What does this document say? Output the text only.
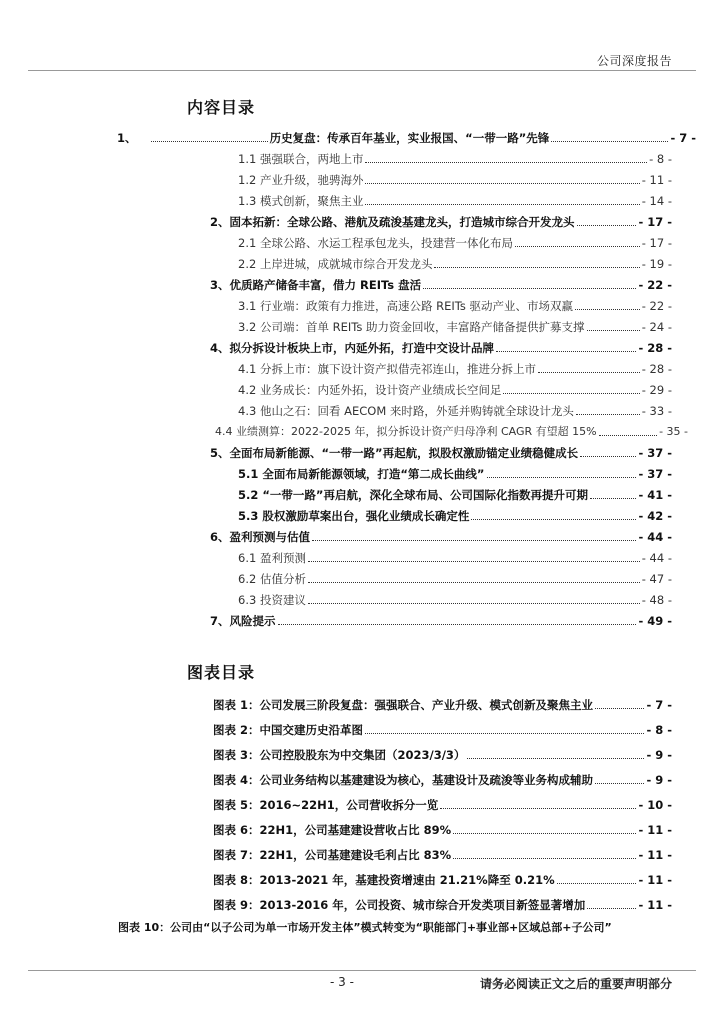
公司深度报告
内容目录
1、	历史复盘：传承百年基业，实业报国、“一带一路”先锋	- 7 -
1.1 强强联合，两地上市	- 8 -
1.2 产业升级，驰骋海外	- 11 -
1.3 模式创新，聚焦主业	- 14 -
2、固本拓新：全球公路、港航及疏浚基建龙头，打造城市综合开发龙头	- 17 -
2.1 全球公路、水运工程承包龙头，投建营一体化布局	- 17 -
2.2 上岸进城，成就城市综合开发龙头	- 19 -
3、优质路产储备丰富，借力 REITs 盘活	- 22 -
3.1 行业端：政策有力推进，高速公路 REITs 驱动产业、市场双赢	- 22 -
3.2 公司端：首单 REITs 助力资金回收，丰富路产储备提供扩募支撑	- 24 -
4、拟分拆设计板块上市，内延外拓，打造中交设计品牌	- 28 -
4.1 分拆上市：旗下设计资产拟借壳祁连山，推进分拆上市	- 28 -
4.2 业务成长：内延外拓，设计资产业绩成长空间足	- 29 -
4.3 他山之石：回看 AECOM 来时路，外延并购铸就全球设计龙头	- 33 -
4.4 业绩测算：2022-2025 年，拟分拆设计资产归母净利 CAGR 有望超 15%	- 35 -
5、全面布局新能源、“一带一路”再起航，拟股权激励锚定业绩稳健成长	- 37 -
5.1 全面布局新能源领域，打造“第二成长曲线”	- 37 -
5.2 “一带一路”再启航，深化全球布局、公司国际化指数再提升可期	- 41 -
5.3 股权激励草案出台，强化业绩成长确定性	- 42 -
6、盈利预测与估值	- 44 -
6.1 盈利预测	- 44 -
6.2 估值分析	- 47 -
6.3 投资建议	- 48 -
7、风险提示	- 49 -
图表目录
图表 1：公司发展三阶段复盘：强强联合、产业升级、模式创新及聚焦主业	- 7 -
图表 2：中国交建历史沿革图	- 8 -
图表 3：公司控股股东为中交集团（2023/3/3）	- 9 -
图表 4：公司业务结构以基建建设为核心，基建设计及疏浚等业务构成辅助	- 9 -
图表 5：2016~22H1，公司营收拆分一览	- 10 -
图表 6：22H1，公司基建建设营收占比 89%	- 11 -
图表 7：22H1，公司基建建设毛利占比 83%	- 11 -
图表 8：2013-2021 年，基建投资增速由 21.21%降至 0.21%	- 11 -
图表 9：2013-2016 年，公司投资、城市综合开发类项目新签显著增加	- 11 -
图表 10：公司由“以子公司为单一市场开发主体”模式转变为“职能部门+事业部+区域总部+子公司”
- 3 -	请务必阅读正文之后的重要声明部分
